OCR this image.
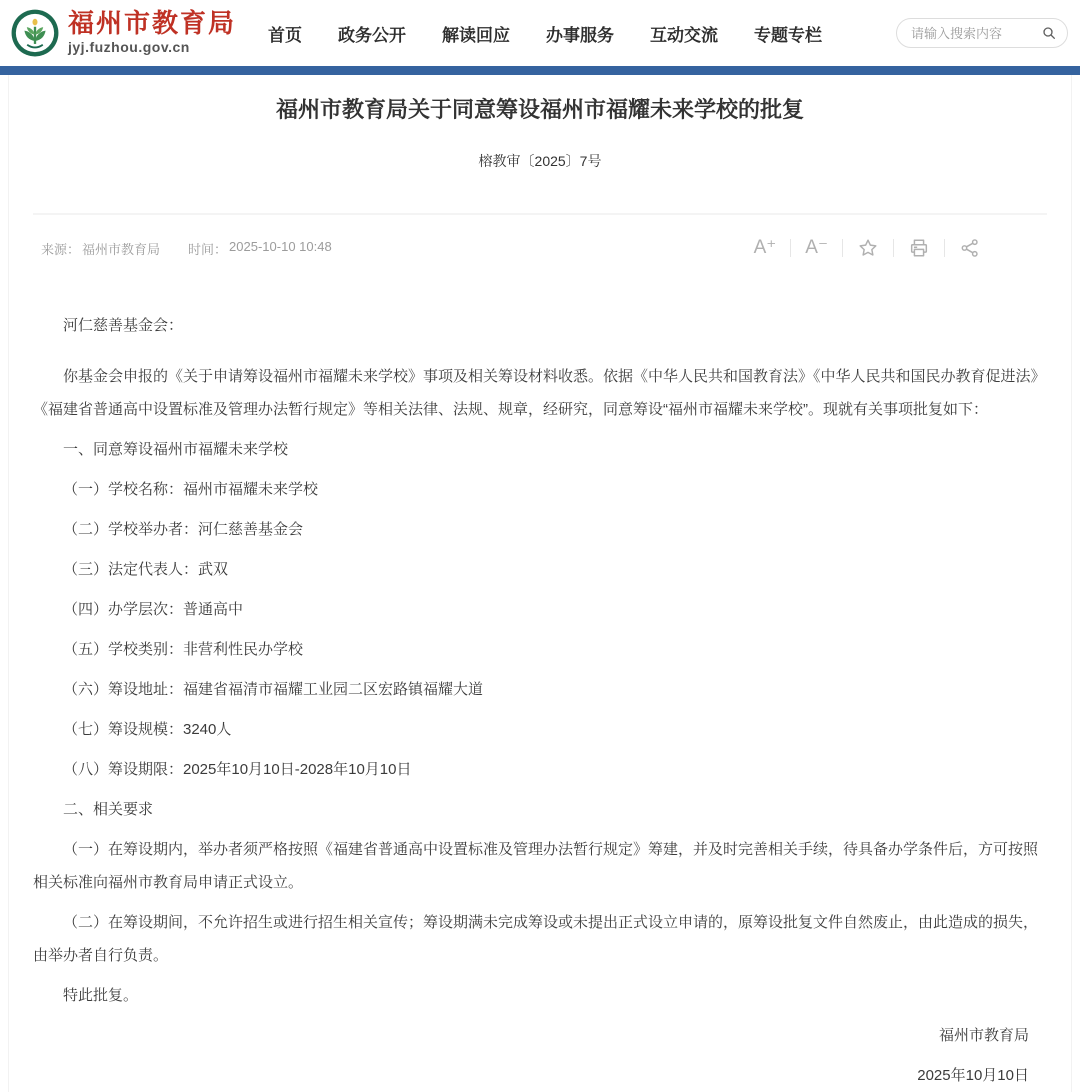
福州市教育局
jyj.fuzhou.gov.cn
首页 政务公开 解读回应 办事服务 互动交流 专题专栏
请输入搜索内容
福州市教育局关于同意筹设福州市福耀未来学校的批复
榕教审〔2025〕7号
来源： 福州市教育局 时间： 2025-10-10 10:48	A⁺	A⁻

河仁慈善基金会：

你基金会申报的《关于申请筹设福州市福耀未来学校》事项及相关筹设材料收悉。依据《中华人民共和国教育法》《中华人民共和国民办教育促进法》《福建省普通高中设置标准及管理办法暂行规定》等相关法律、法规、规章，经研究，同意筹设“福州市福耀未来学校”。现就有关事项批复如下：

一、同意筹设福州市福耀未来学校

（一）学校名称：福州市福耀未来学校

（二）学校举办者：河仁慈善基金会

（三）法定代表人：武双

（四）办学层次：普通高中

（五）学校类别：非营利性民办学校

（六）筹设地址：福建省福清市福耀工业园二区宏路镇福耀大道

（七）筹设规模：3240人

（八）筹设期限：2025年10月10日-2028年10月10日

二、相关要求

（一）在筹设期内，举办者须严格按照《福建省普通高中设置标准及管理办法暂行规定》筹建，并及时完善相关手续，待具备办学条件后，方可按照相关标准向福州市教育局申请正式设立。

（二）在筹设期间，不允许招生或进行招生相关宣传；筹设期满未完成筹设或未提出正式设立申请的，原筹设批复文件自然废止，由此造成的损失，由举办者自行负责。

特此批复。

福州市教育局

2025年10月10日
